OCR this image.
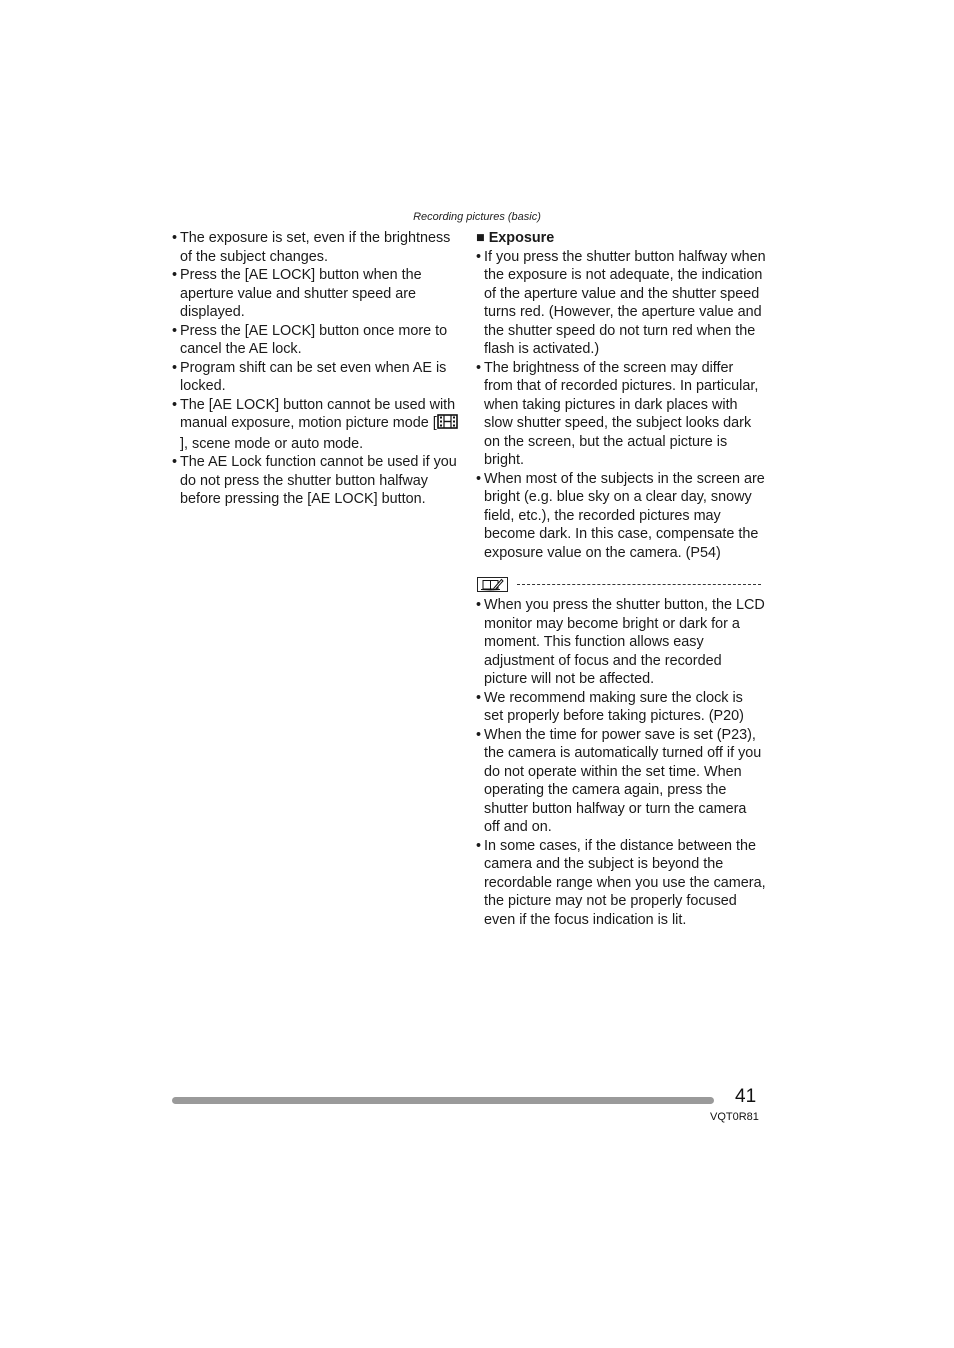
Recording pictures (basic)
• The exposure is set, even if the brightness of the subject changes.
• Press the [AE LOCK] button when the aperture value and shutter speed are displayed.
• Press the [AE LOCK] button once more to cancel the AE lock.
• Program shift can be set even when AE is locked.
• The [AE LOCK] button cannot be used with manual exposure, motion picture mode [], scene mode or auto mode.
• The AE Lock function cannot be used if you do not press the shutter button halfway before pressing the [AE LOCK] button.
■ Exposure
• If you press the shutter button halfway when the exposure is not adequate, the indication of the aperture value and the shutter speed turns red. (However, the aperture value and the shutter speed do not turn red when the flash is activated.)
• The brightness of the screen may differ from that of recorded pictures. In particular, when taking pictures in dark places with slow shutter speed, the subject looks dark on the screen, but the actual picture is bright.
• When most of the subjects in the screen are bright (e.g. blue sky on a clear day, snowy field, etc.), the recorded pictures may become dark. In this case, compensate the exposure value on the camera. (P54)
• When you press the shutter button, the LCD monitor may become bright or dark for a moment. This function allows easy adjustment of focus and the recorded picture will not be affected.
• We recommend making sure the clock is set properly before taking pictures. (P20)
• When the time for power save is set (P23), the camera is automatically turned off if you do not operate within the set time. When operating the camera again, press the shutter button halfway or turn the camera off and on.
• In some cases, if the distance between the camera and the subject is beyond the recordable range when you use the camera, the picture may not be properly focused even if the focus indication is lit.
41
VQT0R81
